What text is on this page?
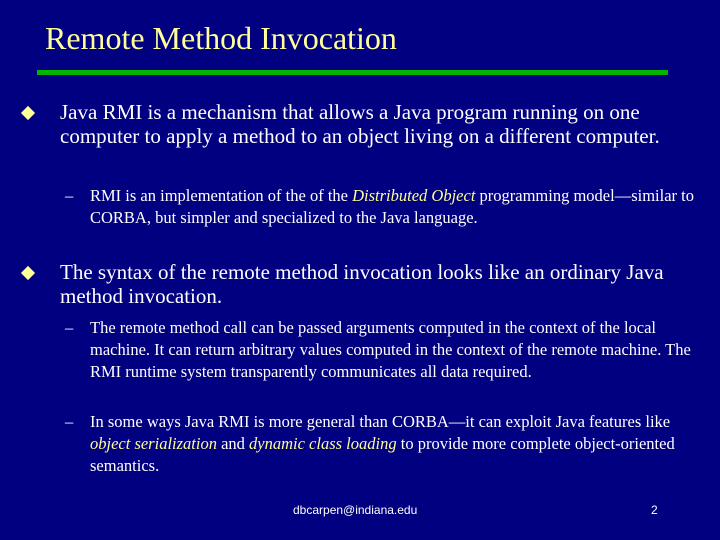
Remote Method Invocation
Java RMI is a mechanism that allows a Java program running on one computer to apply a method to an object living on a different computer.
– RMI is an implementation of the of the Distributed Object programming model—similar to CORBA, but simpler and specialized to the Java language.
The syntax of the remote method invocation looks like an ordinary Java method invocation.
– The remote method call can be passed arguments computed in the context of the local machine. It can return arbitrary values computed in the context of the remote machine. The RMI runtime system transparently communicates all data required.
– In some ways Java RMI is more general than CORBA—it can exploit Java features like object serialization and dynamic class loading to provide more complete object-oriented semantics.
dbcarpen@indiana.edu	2
